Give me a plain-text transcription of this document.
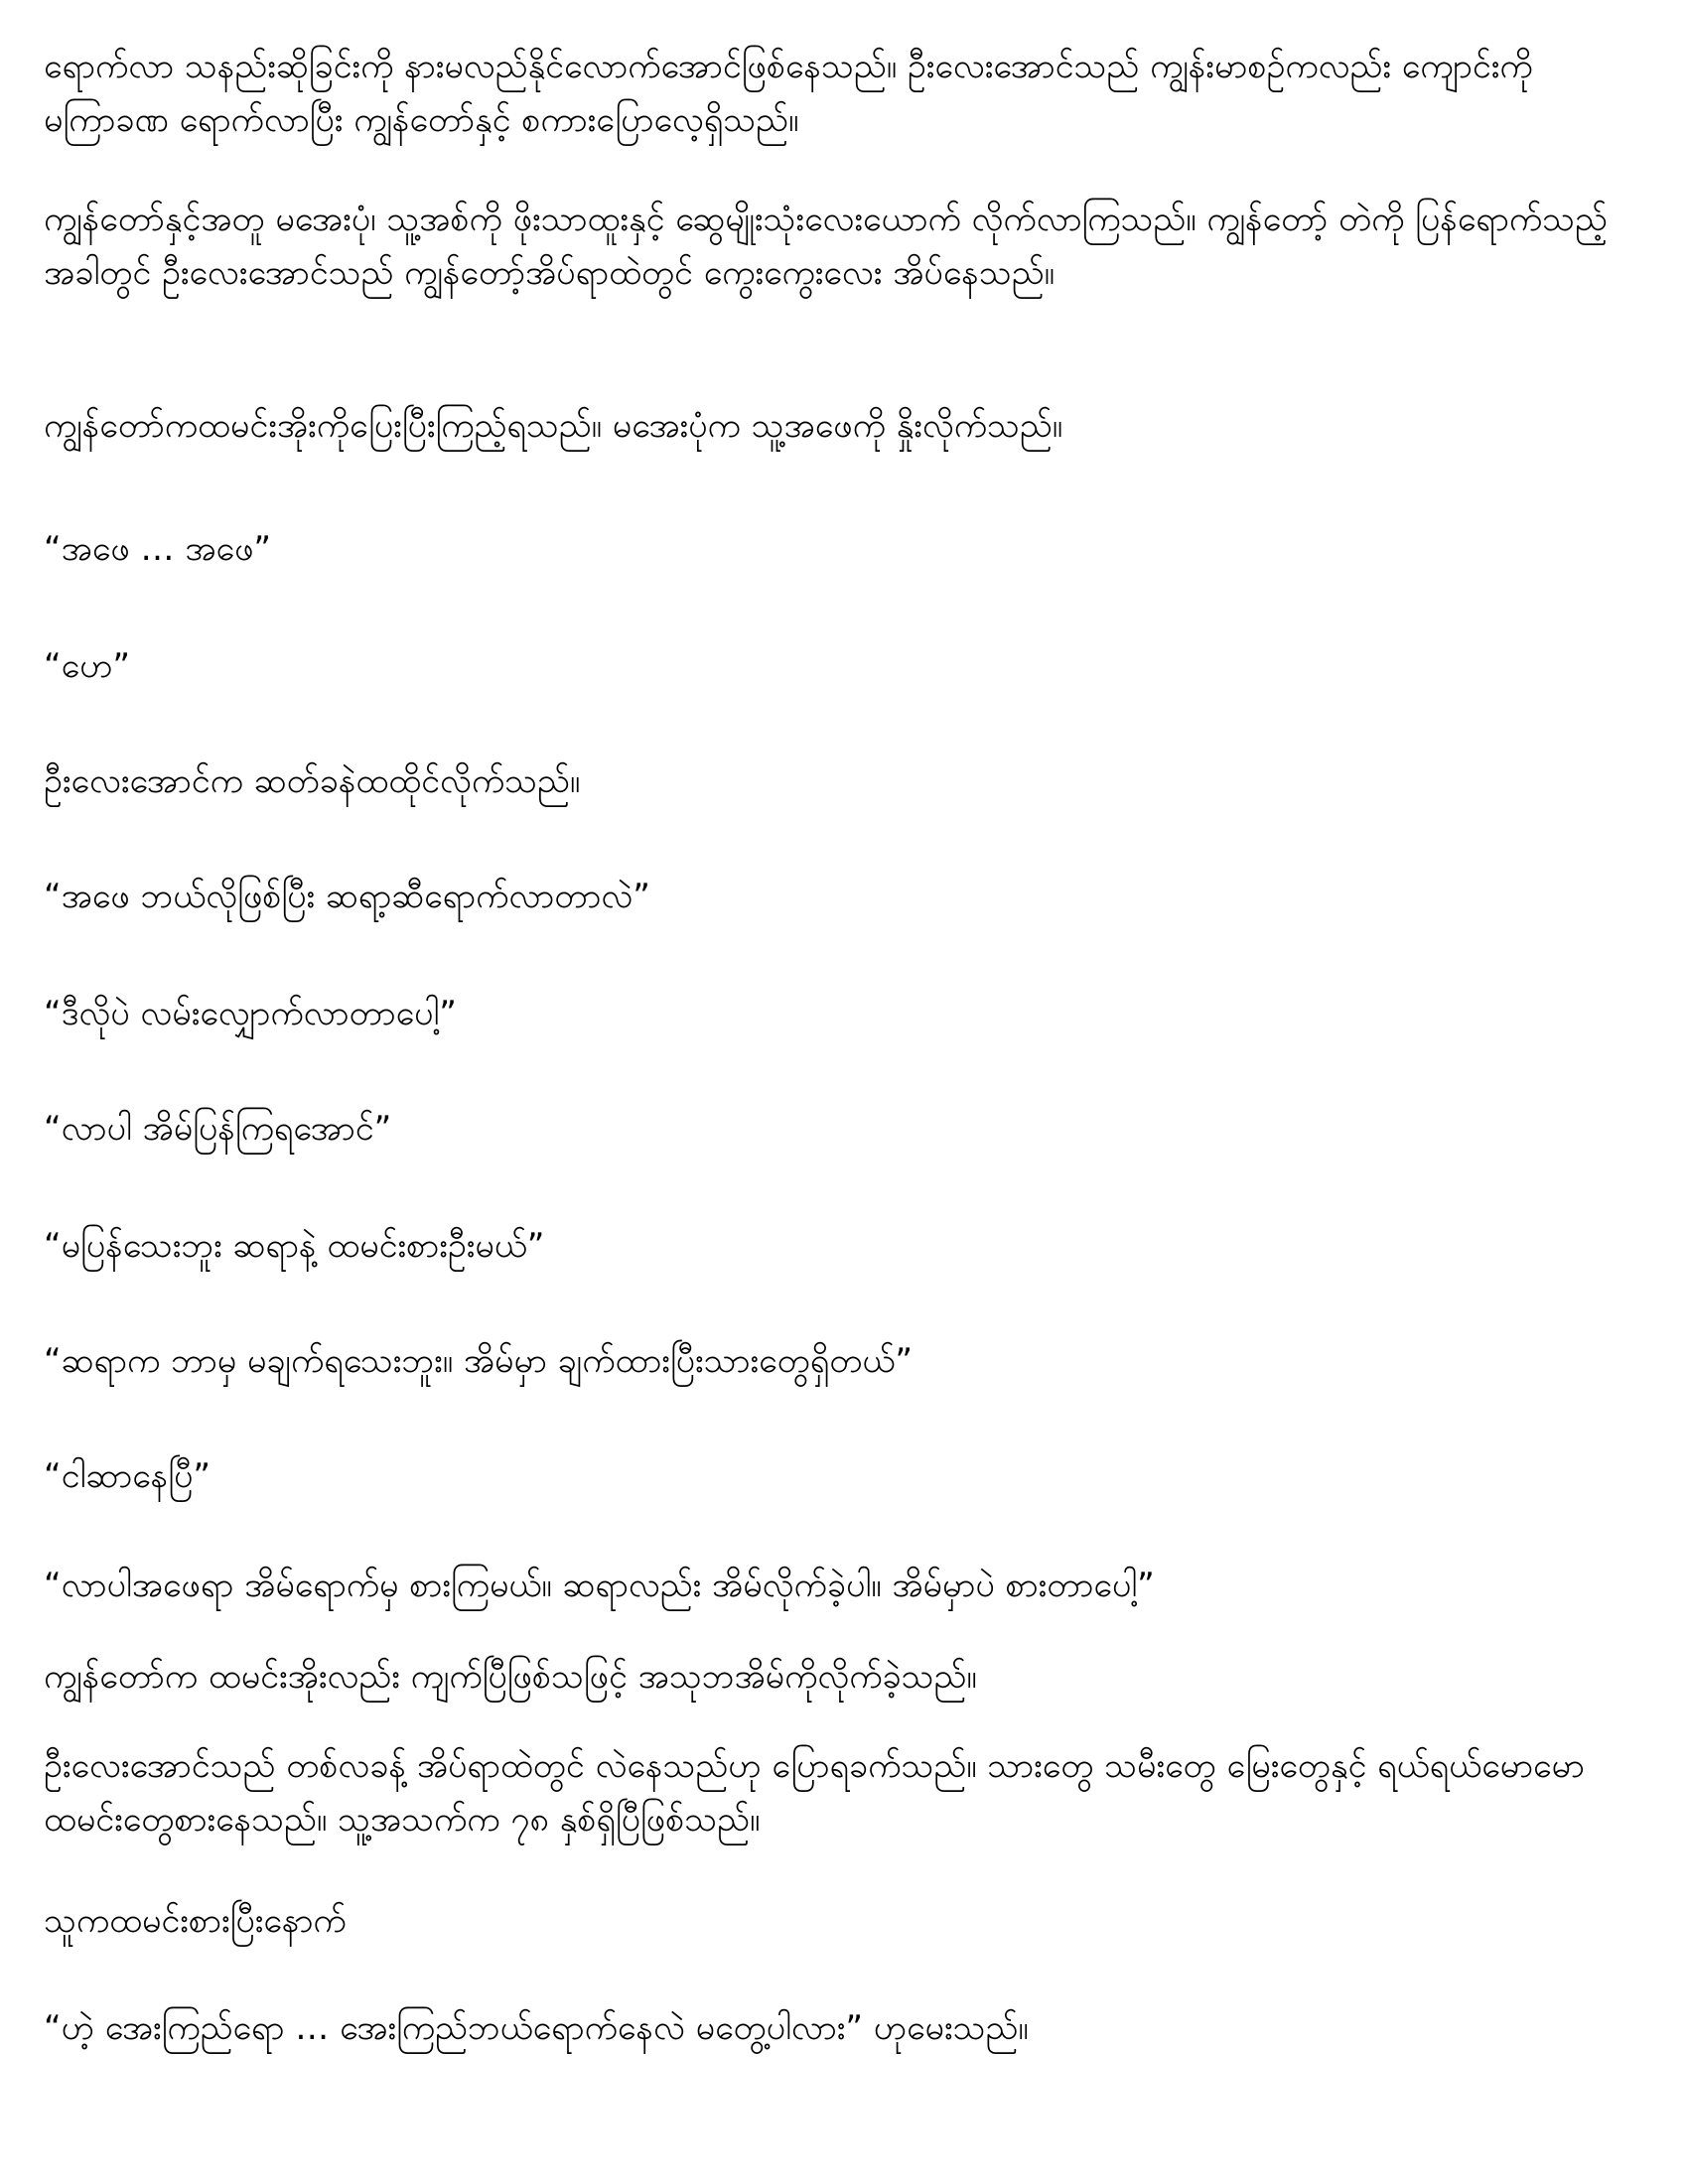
ရောက်လာ သနည်းဆိုခြင်းကို နားမလည်နိုင်လောက်အောင်ဖြစ်နေသည်။ ဦးလေးအောင်သည် ကျွန်းမာစဉ်ကလည်း ကျောင်းကိုမကြာခဏ ရောက်လာပြီး ကျွန်တော်နှင့် စကားပြောလေ့ရှိသည်။

ကျွန်တော်နှင့်အတူ မအေးပုံ၊ သူ့အစ်ကို ဖိုးသာထူးနှင့် ဆွေမျိုးသုံးလေးယောက် လိုက်လာကြသည်။ ကျွန်တော့် တဲကို ပြန်ရောက်သည့် အခါတွင် ဦးလေးအောင်သည် ကျွန်တော့်အိပ်ရာထဲတွင် ကွေးကွေးလေး အိပ်နေသည်။

ကျွန်တော်ကထမင်းအိုးကိုပြေးပြီးကြည့်ရသည်။ မအေးပုံက သူ့အဖေကို နှိုးလိုက်သည်။

“အဖေ … အဖေ”

“ဟေ”

ဦးလေးအောင်က ဆတ်ခနဲထထိုင်လိုက်သည်။

“အဖေ ဘယ်လိုဖြစ်ပြီး ဆရာ့ဆီရောက်လာတာလဲ”

“ဒီလိုပဲ လမ်းလျှောက်လာတာပေါ့”

“လာပါ အိမ်ပြန်ကြရအောင်”

“မပြန်သေးဘူး ဆရာနဲ့ ထမင်းစားဦးမယ်”

“ဆရာက ဘာမှ မချက်ရသေးဘူး။ အိမ်မှာ ချက်ထားပြီးသားတွေရှိတယ်”

“ငါဆာနေပြီ”

“လာပါအဖေရာ အိမ်ရောက်မှ စားကြမယ်။ ဆရာလည်း အိမ်လိုက်ခဲ့ပါ။ အိမ်မှာပဲ စားတာပေါ့”

ကျွန်တော်က ထမင်းအိုးလည်း ကျက်ပြီဖြစ်သဖြင့် အသုဘအိမ်ကိုလိုက်ခဲ့သည်။

ဦးလေးအောင်သည် တစ်လခန့် အိပ်ရာထဲတွင် လဲနေသည်ဟု ပြောရခက်သည်။ သားတွေ သမီးတွေ မြေးတွေနှင့် ရယ်ရယ်မောမော ထမင်းတွေစားနေသည်။ သူ့အသက်က ၇၈ နှစ်ရှိပြီဖြစ်သည်။

သူကထမင်းစားပြီးနောက်

“ဟဲ့ အေးကြည်ရော … အေးကြည်ဘယ်ရောက်နေလဲ မတွေ့ပါလား” ဟုမေးသည်။
